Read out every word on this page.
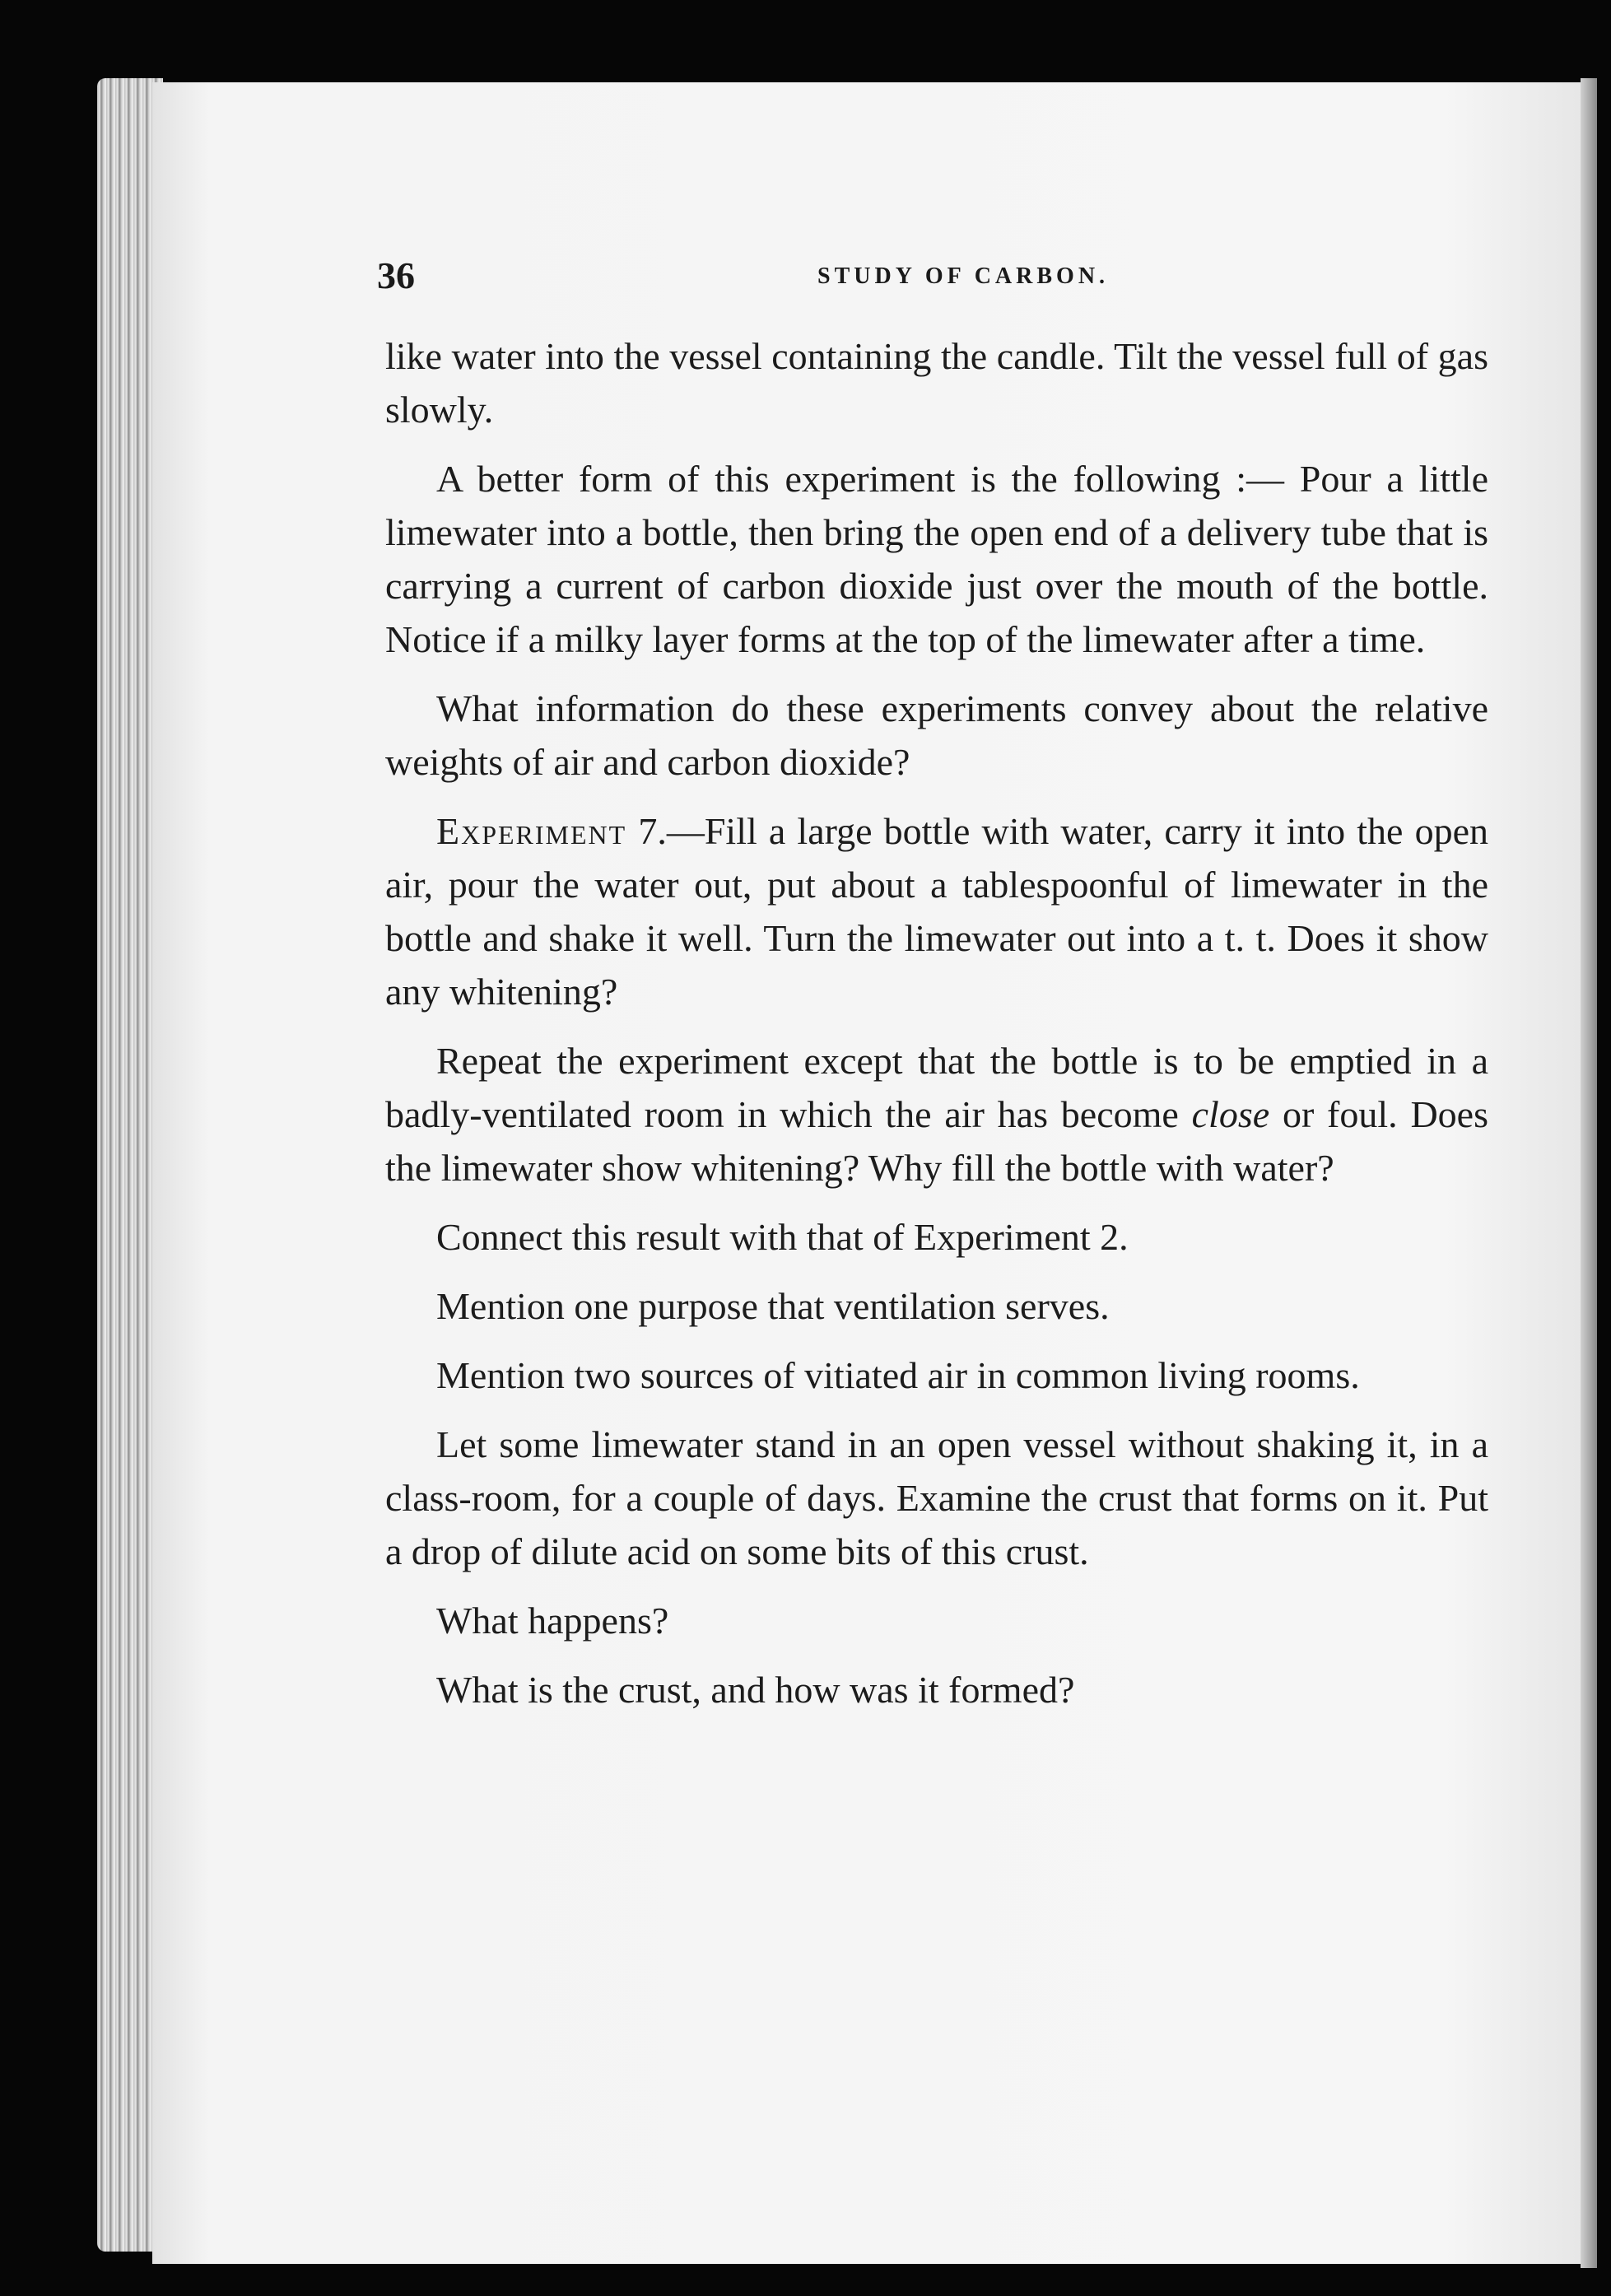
36	STUDY OF CARBON.

like water into the vessel containing the candle. Tilt the vessel full of gas slowly.

A better form of this experiment is the following :— Pour a little limewater into a bottle, then bring the open end of a delivery tube that is carrying a current of carbon dioxide just over the mouth of the bottle. Notice if a milky layer forms at the top of the limewater after a time.

What information do these experiments convey about the relative weights of air and carbon dioxide?

Experiment 7.—Fill a large bottle with water, carry it into the open air, pour the water out, put about a tablespoonful of limewater in the bottle and shake it well. Turn the limewater out into a t. t. Does it show any whitening?

Repeat the experiment except that the bottle is to be emptied in a badly-ventilated room in which the air has become close or foul. Does the limewater show whitening? Why fill the bottle with water?

Connect this result with that of Experiment 2.

Mention one purpose that ventilation serves.

Mention two sources of vitiated air in common living rooms.

Let some limewater stand in an open vessel without shaking it, in a class-room, for a couple of days. Examine the crust that forms on it. Put a drop of dilute acid on some bits of this crust.

What happens?

What is the crust, and how was it formed?
